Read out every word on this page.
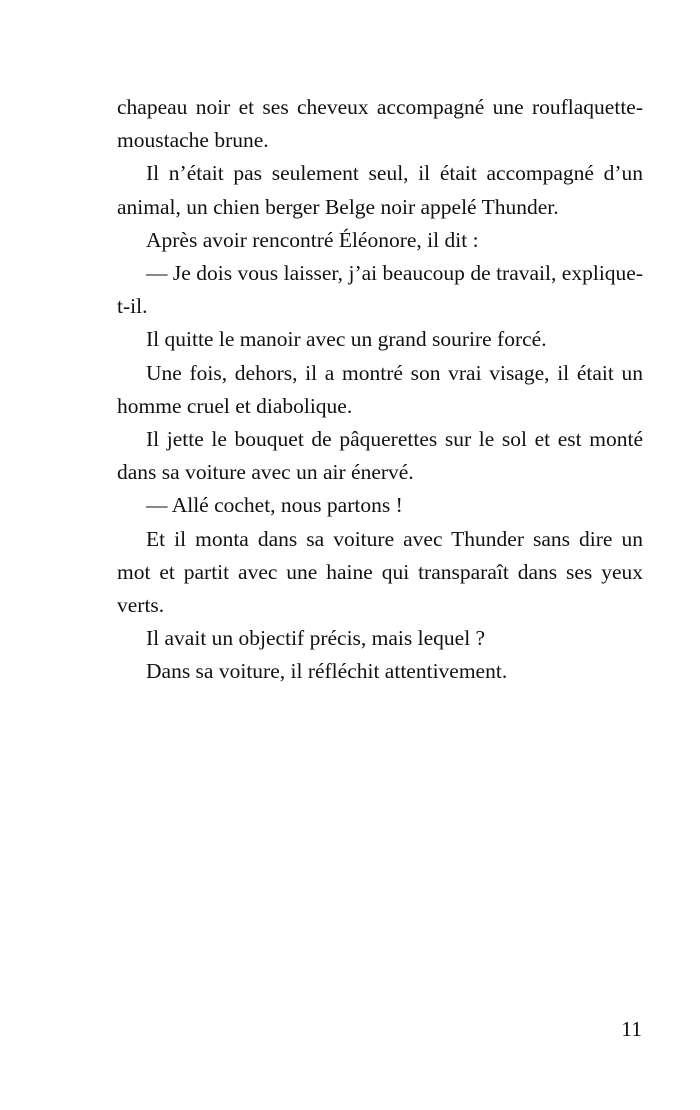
chapeau noir et ses cheveux accompagné une rouflaquette-moustache brune.

Il n’était pas seulement seul, il était accompagné d’un animal, un chien berger Belge noir appelé Thunder.

Après avoir rencontré Éléonore, il dit :

— Je dois vous laisser, j’ai beaucoup de travail, explique-t-il.

Il quitte le manoir avec un grand sourire forcé.

Une fois, dehors, il a montré son vrai visage, il était un homme cruel et diabolique.

Il jette le bouquet de pâquerettes sur le sol et est monté dans sa voiture avec un air énervé.

— Allé cochet, nous partons !

Et il monta dans sa voiture avec Thunder sans dire un mot et partit avec une haine qui transparaît dans ses yeux verts.

Il avait un objectif précis, mais lequel ?

Dans sa voiture, il réfléchit attentivement.

11
